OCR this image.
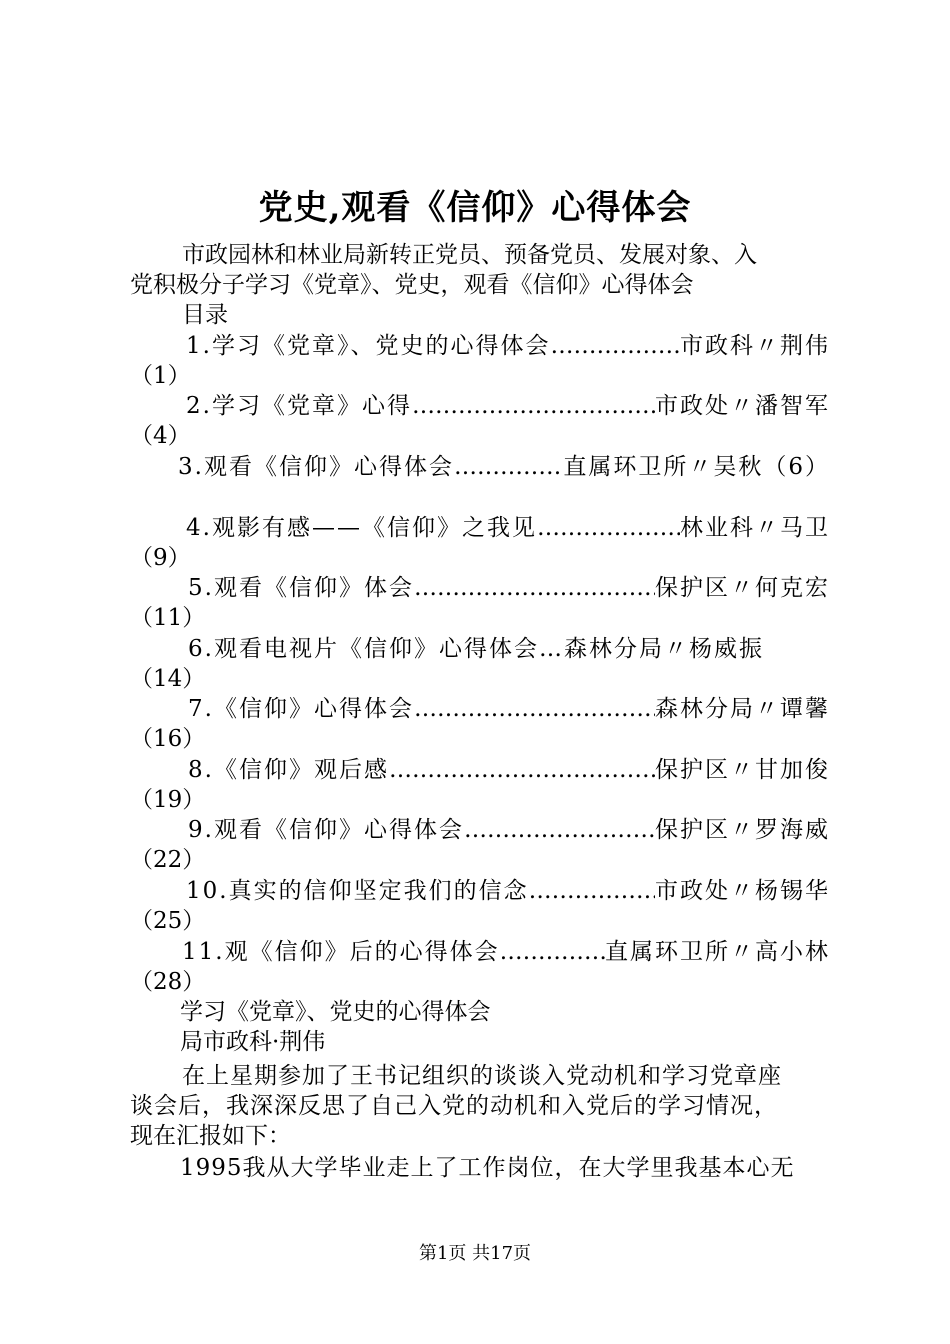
党史,观看《信仰》心得体会
市政园林和林业局新转正党员、预备党员、发展对象、入
党积极分子学习《党章》、党史，观看《信仰》心得体会
目录
1. 学习《党章》、党史的心得体会 ……………………………………………………………………………………	市政科〃荆伟
（1）
2. 学习《党章》心得 ……………………………………………………………………………………	市政处〃潘智军
（4）
3. 观看《信仰》心得体会 ……………………………………………………………………………………	直属环卫所〃吴秋（6）
4. 观影有感——《信仰》之我见 ……………………………………………………………………………………	林业科〃马卫
（9）
5. 观看《信仰》体会 ……………………………………………………………………………………	保护区〃何克宏
（11）
6. 观看电视片《信仰》心得体会… 森林分局〃杨威振
（14）
7. 《信仰》心得体会 ……………………………………………………………………………………	森林分局〃谭馨
（16）
8. 《信仰》观后感 ……………………………………………………………………………………	保护区〃甘加俊
（19）
9. 观看《信仰》心得体会 ……………………………………………………………………………………	保护区〃罗海威
（22）
10. 真实的信仰坚定我们的信念 ……………………………………………………………………………………	市政处〃杨锡华
（25）
11. 观《信仰》后的心得体会 ……………………………………………………………………………………	直属环卫所〃高小林
（28）
学习《党章》、党史的心得体会
局市政科·荆伟
在上星期参加了王书记组织的谈谈入党动机和学习党章座
谈会后，我深深反思了自己入党的动机和入党后的学习情况，
现在汇报如下：
1995我从大学毕业走上了工作岗位，在大学里我基本心无
第1页 共17页
